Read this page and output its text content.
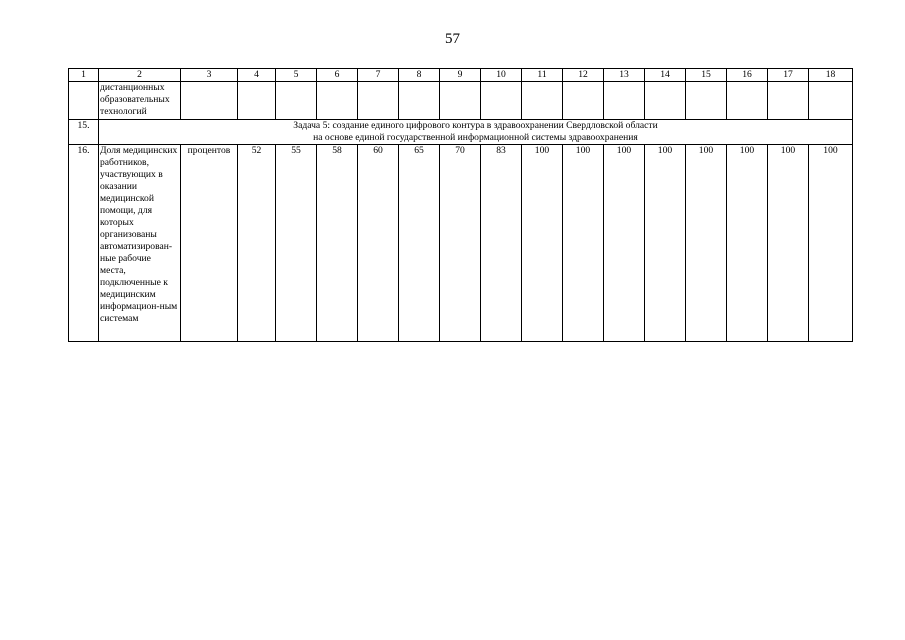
57
1	2	3	4	5	6	7	8	9	10	11	12	13	14	15	16	17	18
	дистанционных образовательных технологий																
15.	Задача 5: создание единого цифрового контура в здравоохранении Свердловской области
на основе единой государственной информационной системы здравоохранения																

16.	Доля медицинских работников, участвующих в оказании медицинской помощи, для которых организованы автоматизирован-ные рабочие места, подключенные к медицинским информацион-ным системам	процентов	52	55	58	60	65	70	83	100	100	100	100	100	100	100	100
